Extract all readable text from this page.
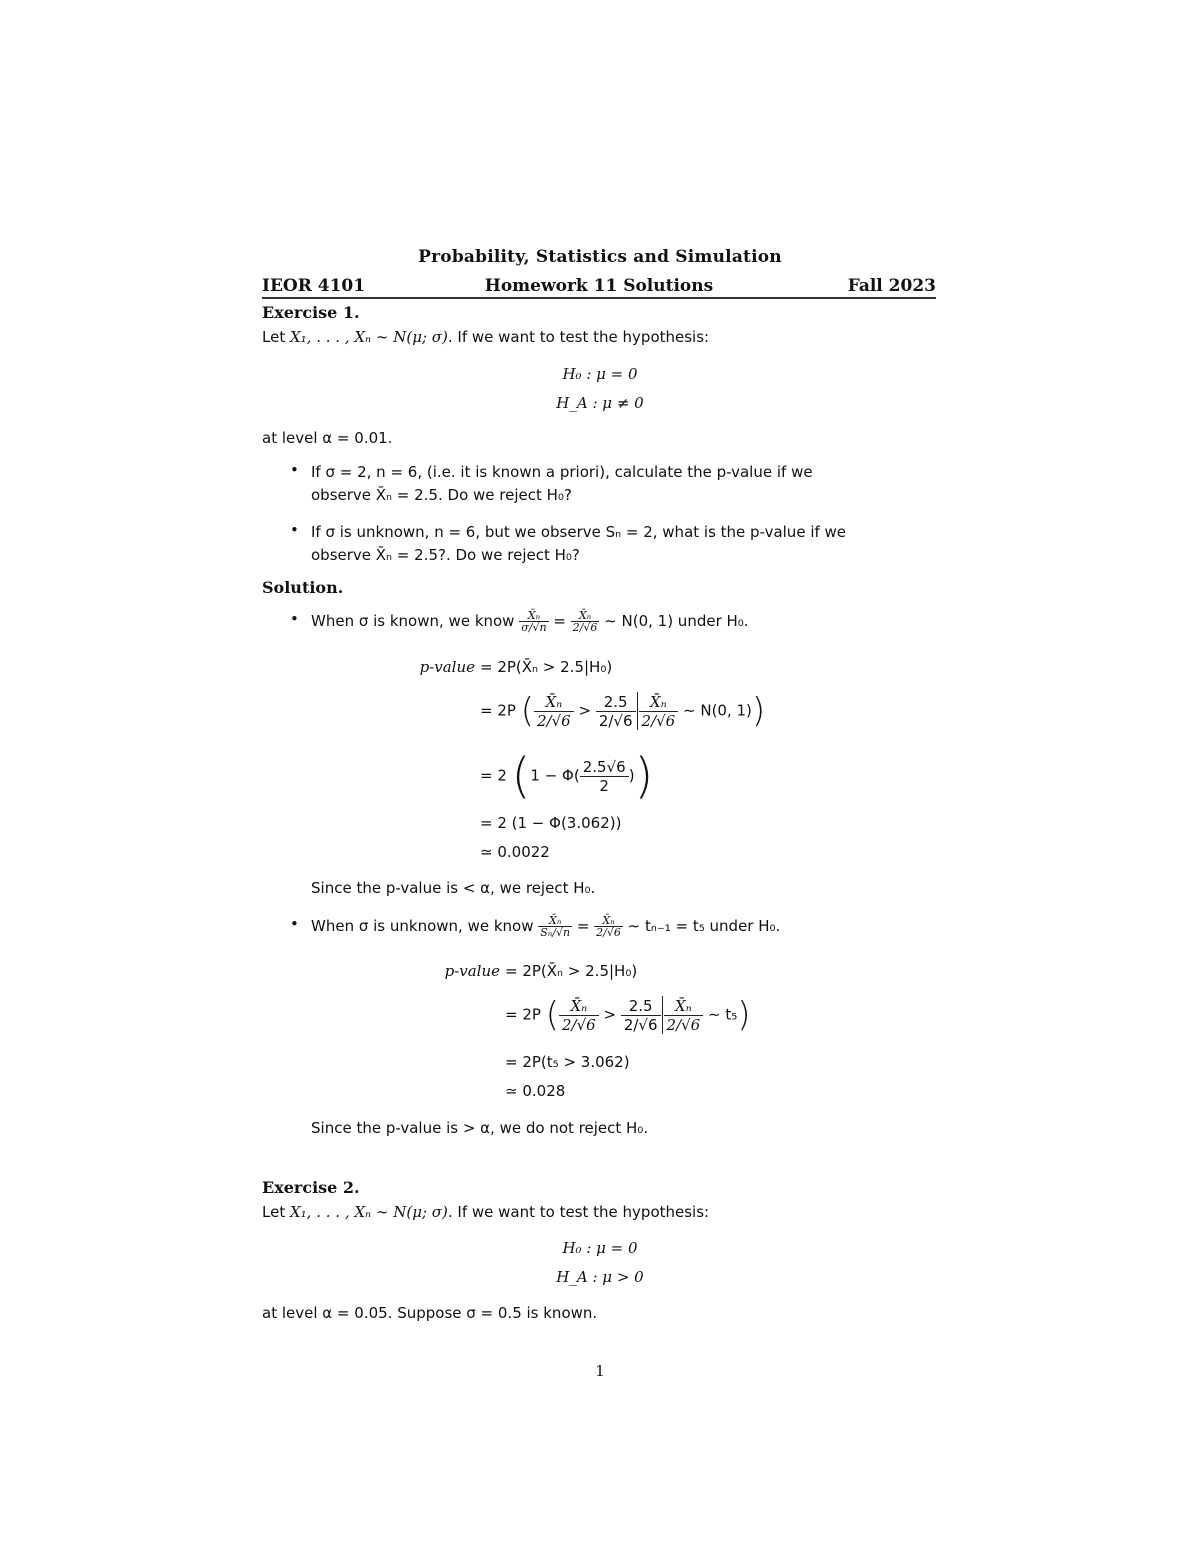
Probability, Statistics and Simulation
IEOR 4101	Homework 11 Solutions	Fall 2023
Exercise 1.
Let X₁, . . . , Xₙ ∼ N(μ; σ). If we want to test the hypothesis:
H₀ : μ = 0
H_A : μ ≠ 0
at level α = 0.01.
• If σ = 2, n = 6, (i.e. it is known a priori), calculate the p-value if we
observe X̄ₙ = 2.5. Do we reject H₀?
• If σ is unknown, n = 6, but we observe Sₙ = 2, what is the p-value if we
observe X̄ₙ = 2.5?. Do we reject H₀?
Solution.
• When σ is known, we know $\frac{\text{X̄ₙ}}{\sigma/√n} = \frac{\text{X̄ₙ}}{2/√6}$ ∼ N(0, 1) under H₀.
p-value = 2P(X̄ₙ > 2.5|H₀)
= 2P ( $\frac{\text{X̄ₙ}}{2/√6} > \frac{2.5}{2/√6} \frac{\text{X̄ₙ}}{2/√6}$ ∼ N(0, 1))
= 2 ($1 - \Phi( \frac{2.5√6}{2}$ ))
= 2 (1 − Φ(3.062))
≃ 0.0022
Since the p-value is < α, we reject H₀.
• When σ is unknown, we know $\frac{\text{X̄ₙ}}{\text{Sₙ/√n}} = \frac{\text{X̄ₙ}}{2/√6}$ ∼ tₙ₋₁ = t₅ under H₀.
p-value = 2P(X̄ₙ > 2.5|H₀)
= 2P ( $\frac{\text{X̄ₙ}}{2/√6} > \frac{2.5}{2/√6} \frac{\text{X̄ₙ}}{2/√6}$ ∼ t₅)
= 2P(t₅ > 3.062)
≃ 0.028
Since the p-value is > α, we do not reject H₀.
Exercise 2.
Let X₁, . . . , Xₙ ∼ N(μ; σ). If we want to test the hypothesis:
H₀ : μ = 0
H_A : μ > 0
at level α = 0.05. Suppose σ = 0.5 is known.
1
